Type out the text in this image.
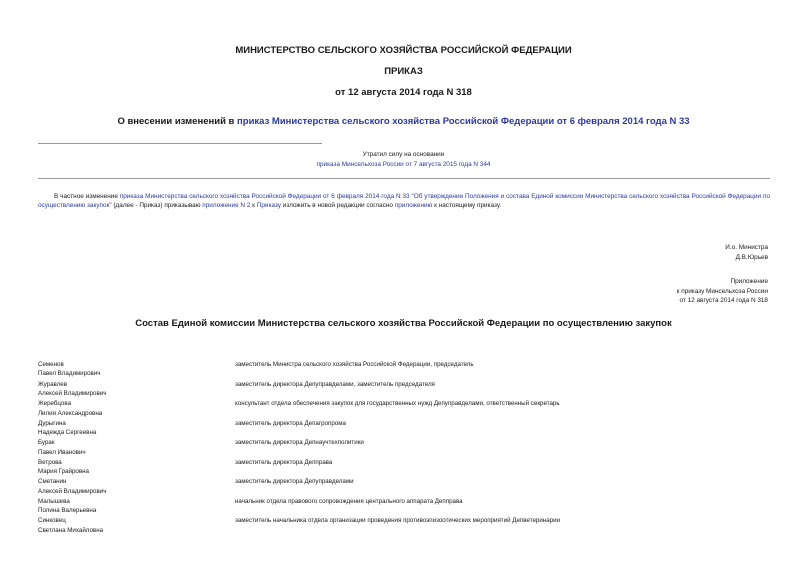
МИНИСТЕРСТВО СЕЛЬСКОГО ХОЗЯЙСТВА РОССИЙСКОЙ ФЕДЕРАЦИИ
ПРИКАЗ
от 12 августа 2014 года N 318
О внесении изменений в приказ Министерства сельского хозяйства Российской Федерации от 6 февраля 2014 года N 33
Утратил силу на основании
приказа Минсельхоза России от 7 августа 2015 года N 344
В частное изменение приказа Министерства сельского хозяйства Российской Федерации от 6 февраля 2014 года N 33 "Об утверждении Положения и состава Единой комиссии Министерства сельского хозяйства Российской Федерации по осуществлению закупок" (далее - Приказ) приказываю приложение N 2 к Приказу изложить в новой редакции согласно приложению к настоящему приказу.
И.о. Министра
Д.В.Юрьев
Приложение
к приказу Минсельхоза России
от 12 августа 2014 года N 318
Состав Единой комиссии Министерства сельского хозяйства Российской Федерации по осуществлению закупок
Семенов
Павел Владимирович
заместитель Министра сельского хозяйства Российской Федерации, председатель
Журавлев
Алексей Владимирович
заместитель директора Депуправделами, заместитель председателя
Жеребцова
Лилия Александровна
консультант отдела обеспечения закупок для государственных нужд Депуправделами, ответственный секретарь
Дурыгина
Надежда Сергеевна
заместитель директора Депагропрома
Бурак
Павел Иванович
заместитель директора Депнаучтехполитики
Ветрова
Мария Грайровна
заместитель директора Депправа
Сметанин
Алексей Владимирович
заместитель директора Депуправделами
Малышева
Полина Валерьевна
начальник отдела правового сопровождения центрального аппарата Депправа
Синковец
Светлана Михайловна
заместитель начальника отдела организации проведения противоэпизоотических мероприятий Депветеринарии
